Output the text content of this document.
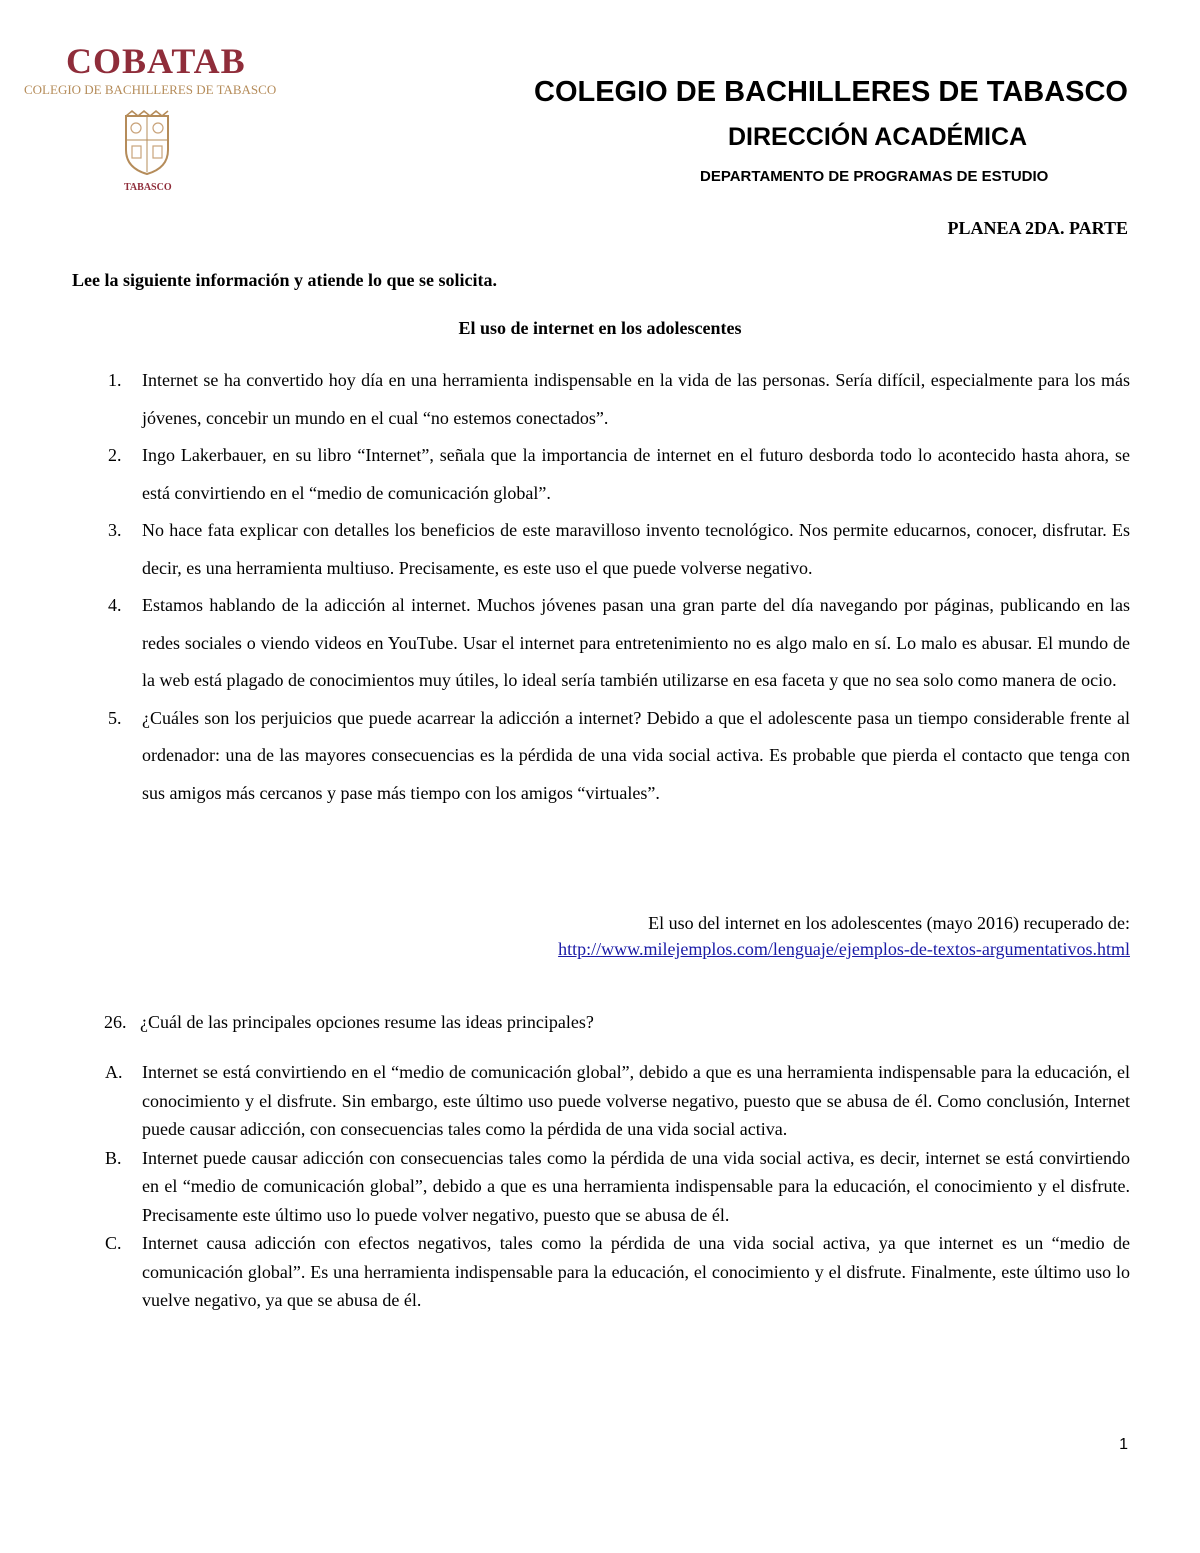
COBATAB
COLEGIO DE BACHILLERES DE TABASCO
TABASCO
COLEGIO DE BACHILLERES DE TABASCO
DIRECCIÓN ACADÉMICA
DEPARTAMENTO DE PROGRAMAS DE ESTUDIO
PLANEA 2DA. PARTE
Lee la siguiente información y atiende lo que se solicita.
El uso de internet en los adolescentes
1. Internet se ha convertido hoy día en una herramienta indispensable en la vida de las personas. Sería difícil, especialmente para los más jóvenes, concebir un mundo en el cual “no estemos conectados”.
2. Ingo Lakerbauer, en su libro “Internet”, señala que la importancia de internet en el futuro desborda todo lo acontecido hasta ahora, se está convirtiendo en el “medio de comunicación global”.
3. No hace fata explicar con detalles los beneficios de este maravilloso invento tecnológico. Nos permite educarnos, conocer, disfrutar. Es decir, es una herramienta multiuso. Precisamente, es este uso el que puede volverse negativo.
4. Estamos hablando de la adicción al internet. Muchos jóvenes pasan una gran parte del día navegando por páginas, publicando en las redes sociales o viendo videos en YouTube. Usar el internet para entretenimiento no es algo malo en sí. Lo malo es abusar. El mundo de la web está plagado de conocimientos muy útiles, lo ideal sería también utilizarse en esa faceta y que no sea solo como manera de ocio.
5. ¿Cuáles son los perjuicios que puede acarrear la adicción a internet? Debido a que el adolescente pasa un tiempo considerable frente al ordenador: una de las mayores consecuencias es la pérdida de una vida social activa. Es probable que pierda el contacto que tenga con sus amigos más cercanos y pase más tiempo con los amigos “virtuales”.
El uso del internet en los adolescentes (mayo 2016) recuperado de:
http://www.milejemplos.com/lenguaje/ejemplos-de-textos-argumentativos.html
26. ¿Cuál de las principales opciones resume las ideas principales?
A. Internet se está convirtiendo en el “medio de comunicación global”, debido a que es una herramienta indispensable para la educación, el conocimiento y el disfrute. Sin embargo, este último uso puede volverse negativo, puesto que se abusa de él. Como conclusión, Internet puede causar adicción, con consecuencias tales como la pérdida de una vida social activa.
B. Internet puede causar adicción con consecuencias tales como la pérdida de una vida social activa, es decir, internet se está convirtiendo en el “medio de comunicación global”, debido a que es una herramienta indispensable para la educación, el conocimiento y el disfrute. Precisamente este último uso lo puede volver negativo, puesto que se abusa de él.
C. Internet causa adicción con efectos negativos, tales como la pérdida de una vida social activa, ya que internet es un “medio de comunicación global”. Es una herramienta indispensable para la educación, el conocimiento y el disfrute. Finalmente, este último uso lo vuelve negativo, ya que se abusa de él.
1
